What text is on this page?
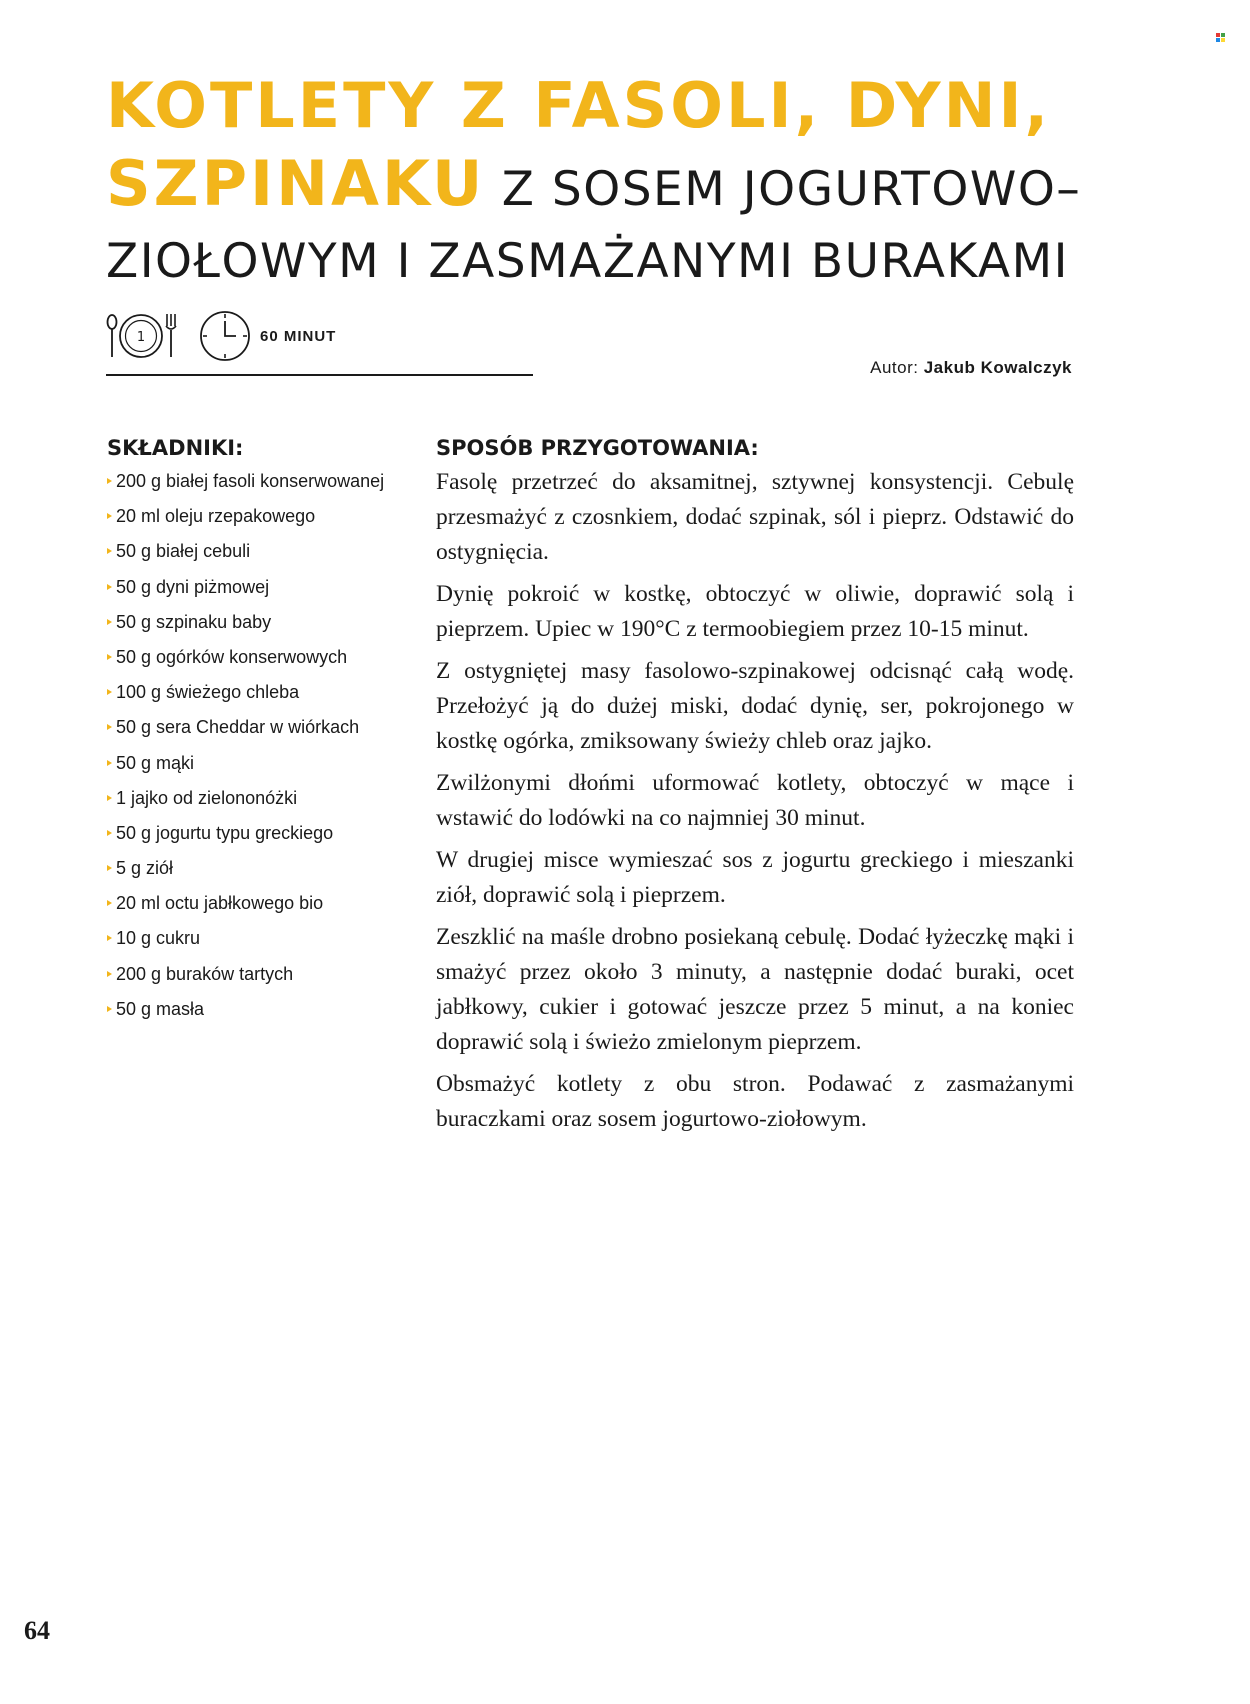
KOTLETY Z FASOLI, DYNI,
SZPINAKU Z SOSEM JOGURTOWO–
ZIOŁOWYM I ZASMAŻANYMI BURAKAMI
1	60 MINUT
Autor: Jakub Kowalczyk
SKŁADNIKI:
200 g białej fasoli konserwowanej
20 ml oleju rzepakowego
50 g białej cebuli
50 g dyni piżmowej
50 g szpinaku baby
50 g ogórków konserwowych
100 g świeżego chleba
50 g sera Cheddar w wiórkach
50 g mąki
1 jajko od zielononóżki
50 g jogurtu typu greckiego
5 g ziół
20 ml octu jabłkowego bio
10 g cukru
200 g buraków tartych
50 g masła
SPOSÓB PRZYGOTOWANIA:

Fasolę przetrzeć do aksamitnej, sztywnej konsystencji. Cebulę przesmażyć z czosnkiem, dodać szpinak, sól i pieprz. Odstawić do ostygnięcia.

Dynię pokroić w kostkę, obtoczyć w oliwie, doprawić solą i pieprzem. Upiec w 190°C z termoobiegiem przez 10-15 minut.

Z ostygniętej masy fasolowo-szpinakowej odcisnąć całą wodę. Przełożyć ją do dużej miski, dodać dynię, ser, pokrojonego w kostkę ogórka, zmiksowany świeży chleb oraz jajko.

Zwilżonymi dłońmi uformować kotlety, obtoczyć w mące i wstawić do lodówki na co najmniej 30 minut.

W drugiej misce wymieszać sos z jogurtu greckiego i mieszanki ziół, doprawić solą i pieprzem.

Zeszklić na maśle drobno posiekaną cebulę. Dodać łyżeczkę mąki i smażyć przez około 3 minuty, a następnie dodać buraki, ocet jabłkowy, cukier i gotować jeszcze przez 5 minut, a na koniec doprawić solą i świeżo zmielonym pieprzem.

Obsmażyć kotlety z obu stron. Podawać z zasmażanymi buraczkami oraz sosem jogurtowo-ziołowym.

64
